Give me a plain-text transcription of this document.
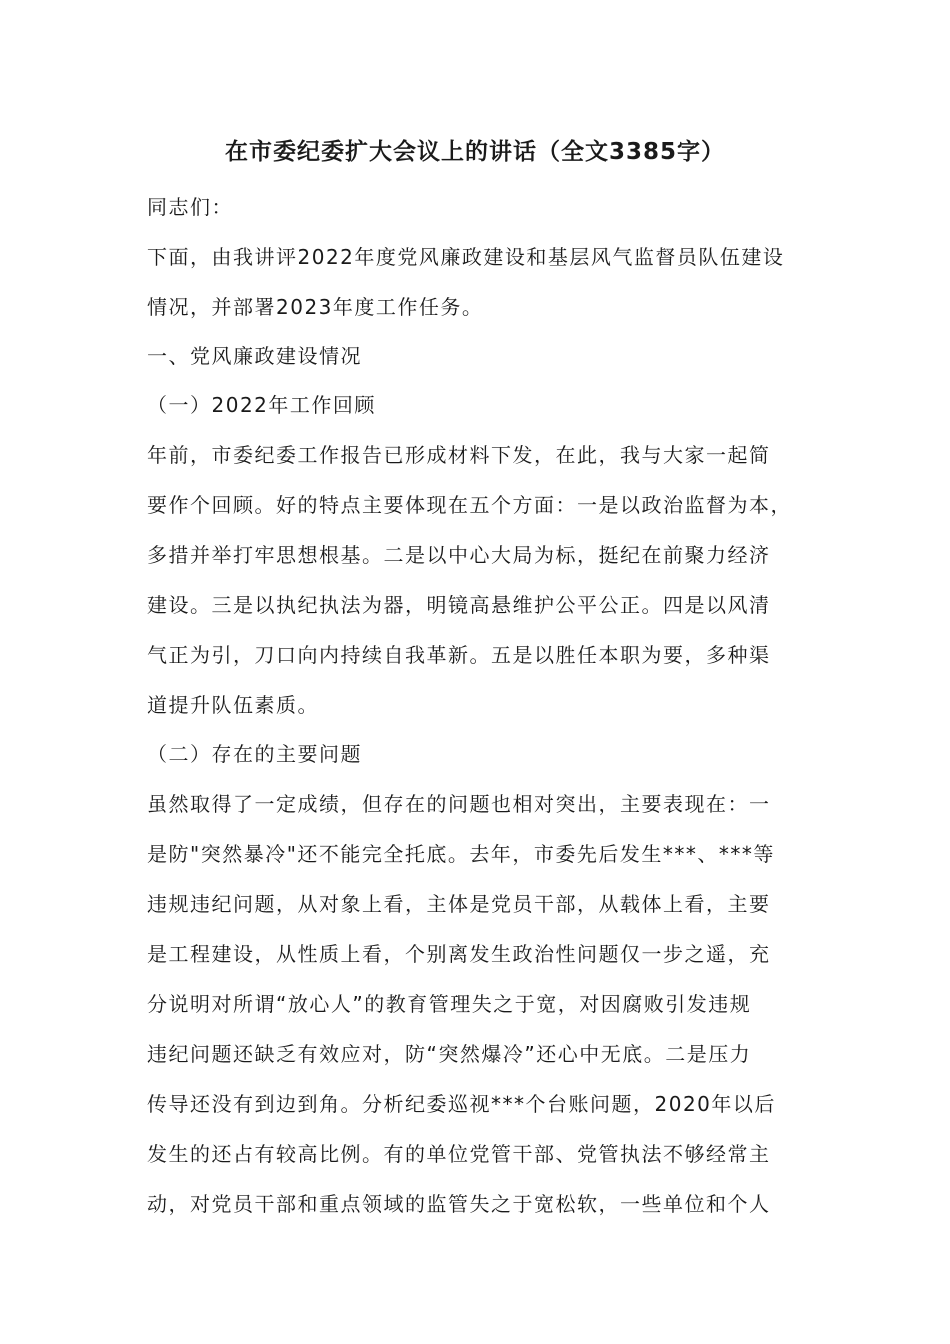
在市委纪委扩大会议上的讲话（全文3385字）
同志们：
下面，由我讲评2022年度党风廉政建设和基层风气监督员队伍建设
情况，并部署2023年度工作任务。
一、党风廉政建设情况
（一）2022年工作回顾
年前，市委纪委工作报告已形成材料下发，在此，我与大家一起简
要作个回顾。好的特点主要体现在五个方面：一是以政治监督为本，
多措并举打牢思想根基。二是以中心大局为标，挺纪在前聚力经济
建设。三是以执纪执法为器，明镜高悬维护公平公正。四是以风清
气正为引，刀口向内持续自我革新。五是以胜任本职为要，多种渠
道提升队伍素质。
（二）存在的主要问题
虽然取得了一定成绩，但存在的问题也相对突出，主要表现在：一
是防"突然暴冷"还不能完全托底。去年，市委先后发生***、***等
违规违纪问题，从对象上看，主体是党员干部，从载体上看，主要
是工程建设，从性质上看，个别离发生政治性问题仅一步之遥，充
分说明对所谓“放心人”的教育管理失之于宽，对因腐败引发违规
违纪问题还缺乏有效应对，防“突然爆冷”还心中无底。二是压力
传导还没有到边到角。分析纪委巡视***个台账问题，2020年以后
发生的还占有较高比例。有的单位党管干部、党管执法不够经常主
动，对党员干部和重点领域的监管失之于宽松软，一些单位和个人
